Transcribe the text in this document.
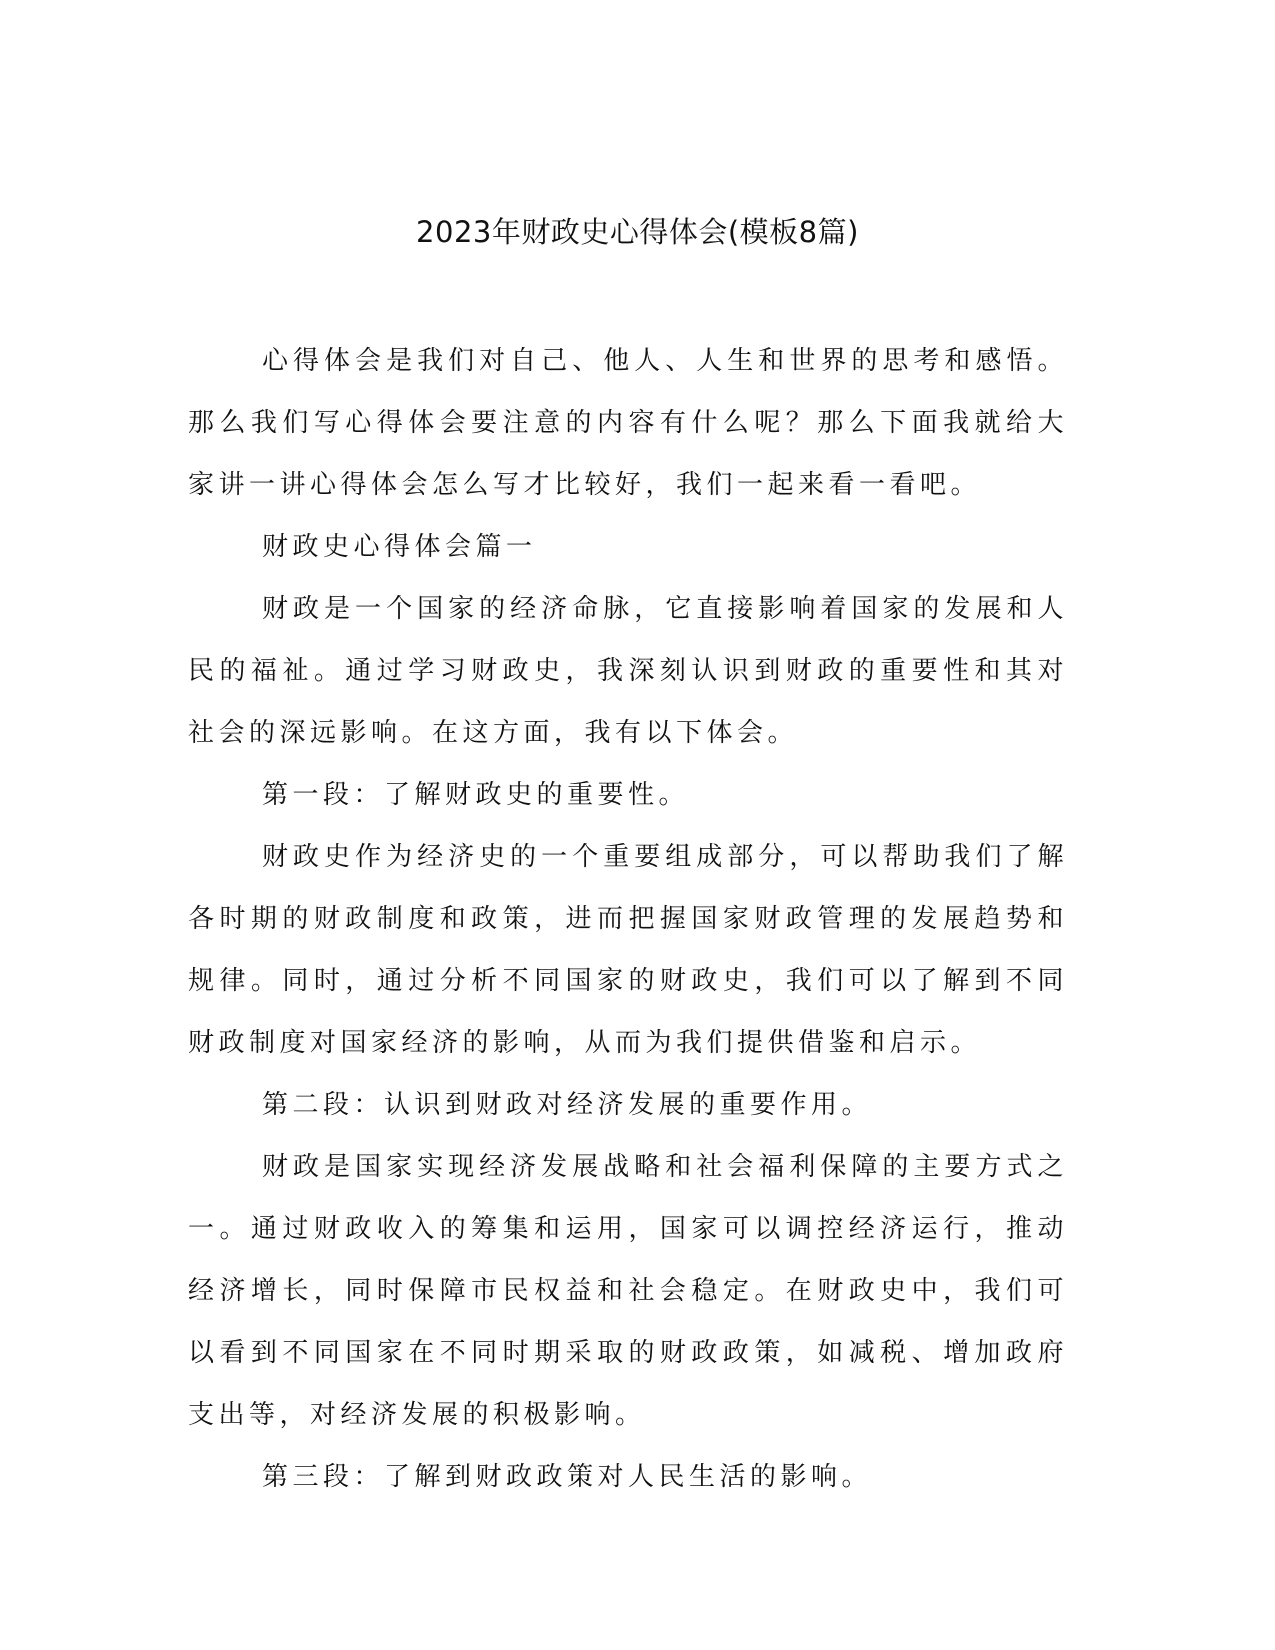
2023年财政史心得体会(模板8篇)

心得体会是我们对自己、他人、人生和世界的思考和感悟。那么我们写心得体会要注意的内容有什么呢？那么下面我就给大家讲一讲心得体会怎么写才比较好，我们一起来看一看吧。

财政史心得体会篇一

财政是一个国家的经济命脉，它直接影响着国家的发展和人民的福祉。通过学习财政史，我深刻认识到财政的重要性和其对社会的深远影响。在这方面，我有以下体会。

第一段：了解财政史的重要性。

财政史作为经济史的一个重要组成部分，可以帮助我们了解各时期的财政制度和政策，进而把握国家财政管理的发展趋势和规律。同时，通过分析不同国家的财政史，我们可以了解到不同财政制度对国家经济的影响，从而为我们提供借鉴和启示。

第二段：认识到财政对经济发展的重要作用。

财政是国家实现经济发展战略和社会福利保障的主要方式之一。通过财政收入的筹集和运用，国家可以调控经济运行，推动经济增长，同时保障市民权益和社会稳定。在财政史中，我们可以看到不同国家在不同时期采取的财政政策，如减税、增加政府支出等，对经济发展的积极影响。

第三段：了解到财政政策对人民生活的影响。
